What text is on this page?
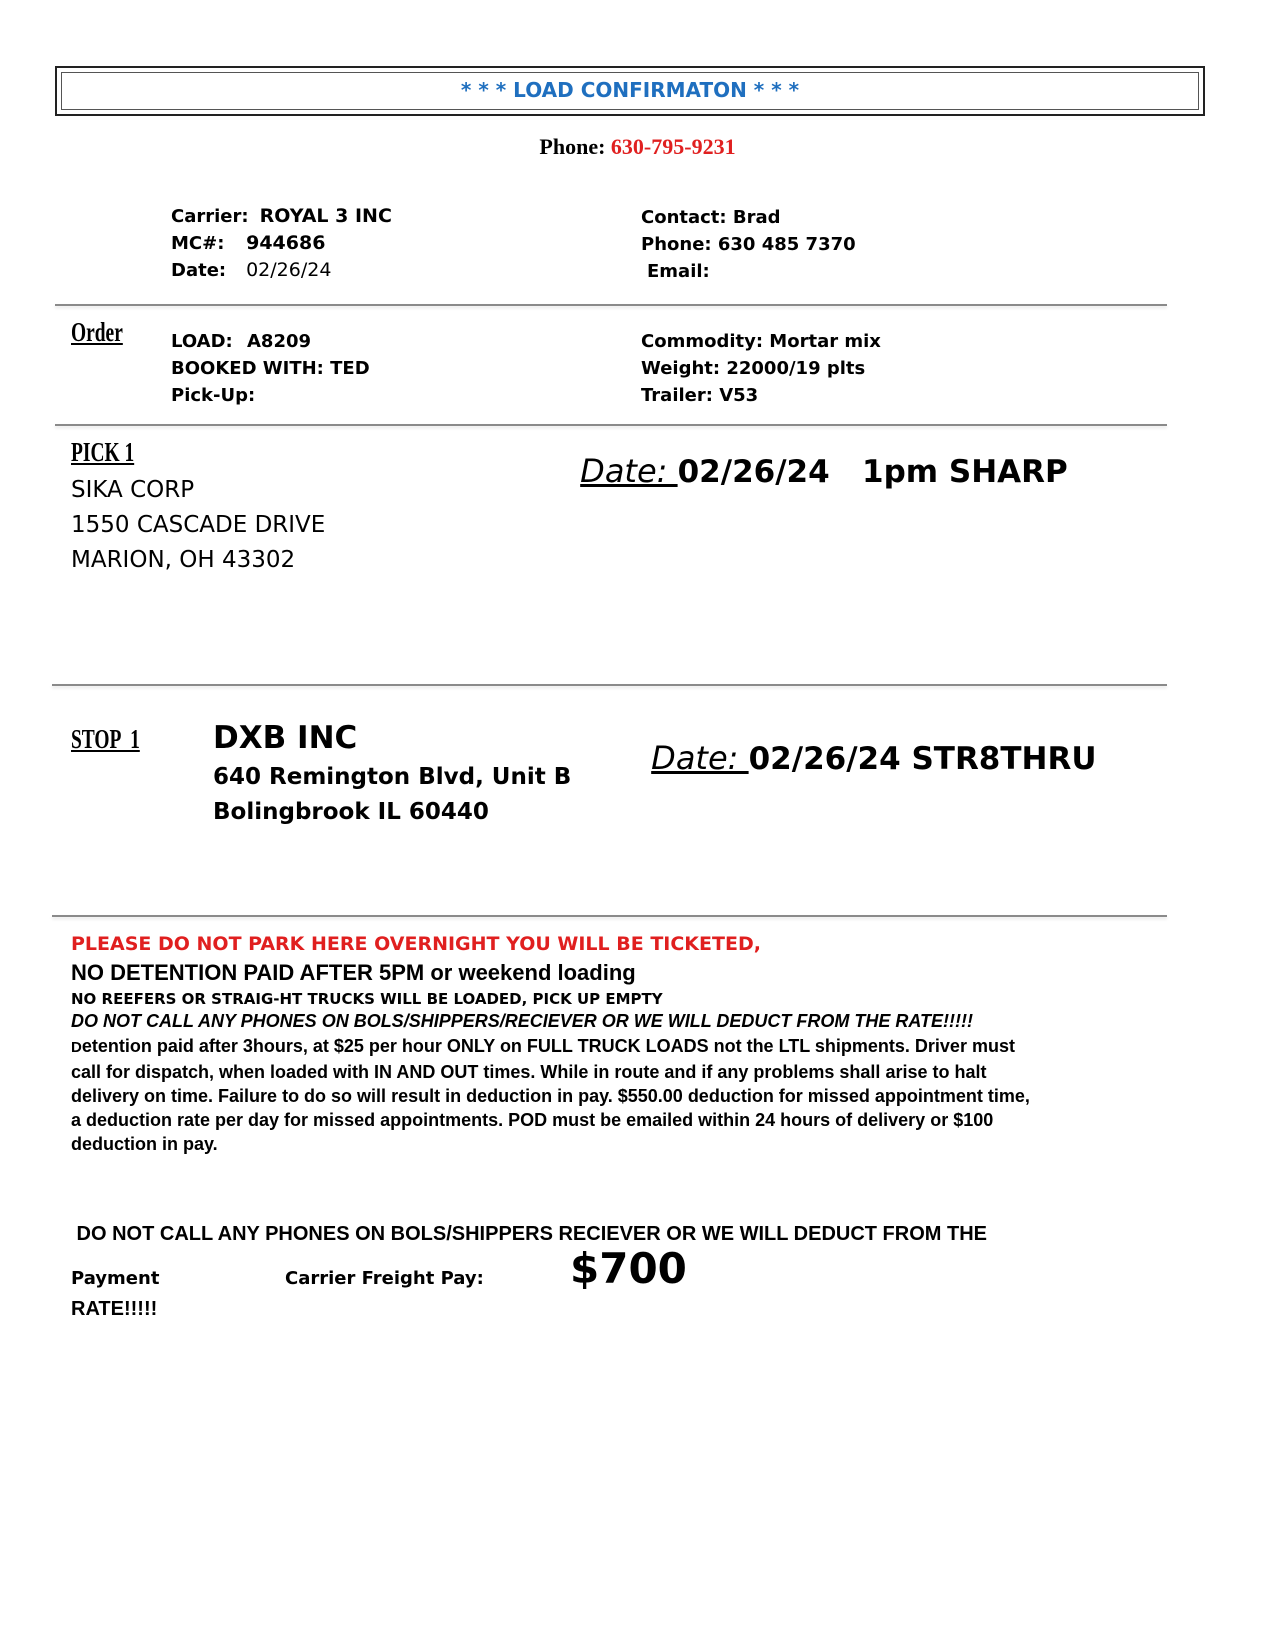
* * * LOAD CONFIRMATON * * *
Phone: 630-795-9231
Carrier: ROYAL 3 INC
MC#: 944686
Date: 02/26/24
Contact: Brad
Phone: 630 485 7370
Email:
Order	LOAD: A8209
BOOKED WITH: TED
Pick-Up:
Commodity: Mortar mix
Weight: 22000/19 plts
Trailer: V53
PICK 1
SIKA CORP
1550 CASCADE DRIVE
MARION, OH 43302

Date: 02/26/24   1pm SHARP

STOP  1 DXB INC
640 Remington Blvd, Unit B
Bolingbrook IL 60440

Date: 02/26/24 STR8THRU

PLEASE DO NOT PARK HERE OVERNIGHT YOU WILL BE TICKETED,
NO DETENTION PAID AFTER 5PM or weekend loading
NO REEFERS OR STRAIG-HT TRUCKS WILL BE LOADED, PICK UP EMPTY
DO NOT CALL ANY PHONES ON BOLS/SHIPPERS/RECIEVER OR WE WILL DEDUCT FROM THE RATE!!!!!
Detention paid after 3hours, at $25 per hour ONLY on FULL TRUCK LOADS not the LTL shipments. Driver must
call for dispatch, when loaded with IN AND OUT times. While in route and if any problems shall arise to halt
delivery on time. Failure to do so will result in deduction in pay. $550.00 deduction for missed appointment time,
a deduction rate per day for missed appointments. POD must be emailed within 24 hours of delivery or $100
deduction in pay.

DO NOT CALL ANY PHONES ON BOLS/SHIPPERS RECIEVER OR WE WILL DEDUCT FROM THE

RATE!!!!!

Payment	Carrier Freight Pay: $700
